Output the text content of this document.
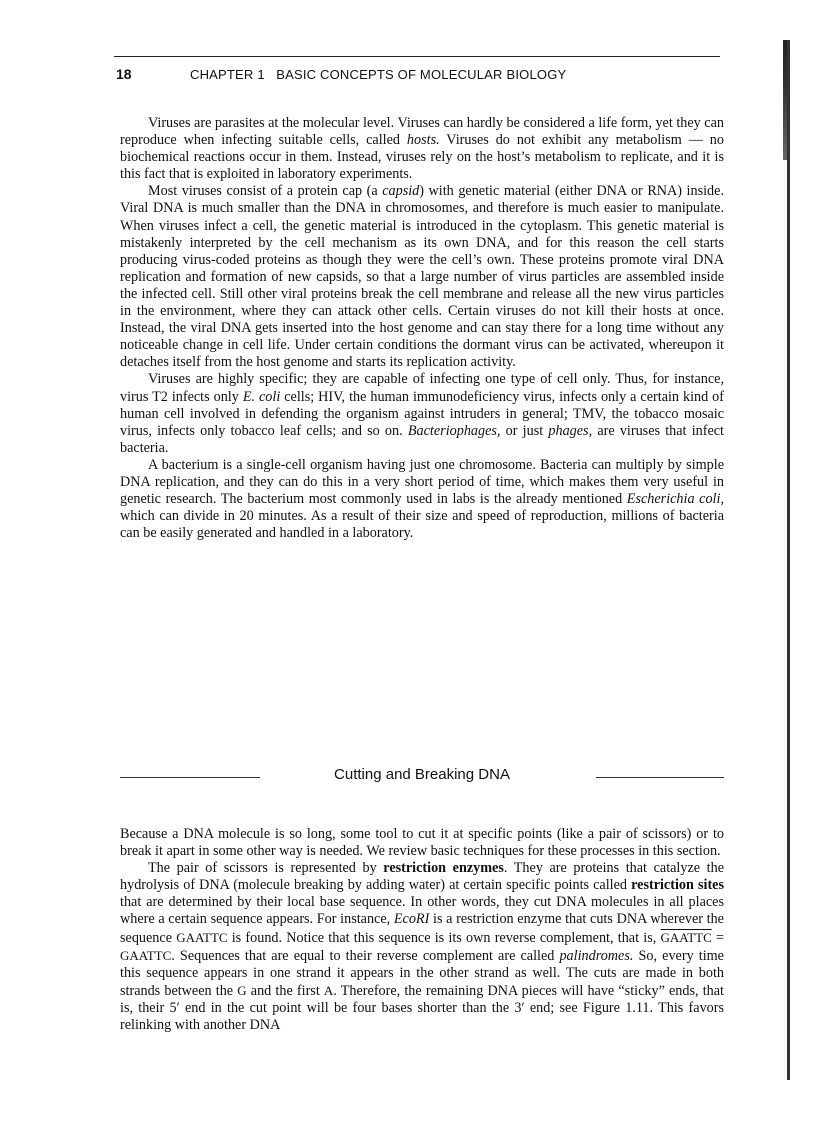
18	CHAPTER 1 BASIC CONCEPTS OF MOLECULAR BIOLOGY

Viruses are parasites at the molecular level. Viruses can hardly be considered a life form, yet they can reproduce when infecting suitable cells, called hosts. Viruses do not exhibit any metabolism — no biochemical reactions occur in them. Instead, viruses rely on the host’s metabolism to replicate, and it is this fact that is exploited in laboratory experiments.

Most viruses consist of a protein cap (a capsid) with genetic material (either DNA or RNA) inside. Viral DNA is much smaller than the DNA in chromosomes, and therefore is much easier to manipulate. When viruses infect a cell, the genetic material is introduced in the cytoplasm. This genetic material is mistakenly interpreted by the cell mechanism as its own DNA, and for this reason the cell starts producing virus-coded proteins as though they were the cell’s own. These proteins promote viral DNA replication and formation of new capsids, so that a large number of virus particles are assembled inside the infected cell. Still other viral proteins break the cell membrane and release all the new virus particles in the environment, where they can attack other cells. Certain viruses do not kill their hosts at once. Instead, the viral DNA gets inserted into the host genome and can stay there for a long time without any noticeable change in cell life. Under certain conditions the dormant virus can be activated, whereupon it detaches itself from the host genome and starts its replication activity.

Viruses are highly specific; they are capable of infecting one type of cell only. Thus, for instance, virus T2 infects only E. coli cells; HIV, the human immunodeficiency virus, infects only a certain kind of human cell involved in defending the organism against intruders in general; TMV, the tobacco mosaic virus, infects only tobacco leaf cells; and so on. Bacteriophages, or just phages, are viruses that infect bacteria.

A bacterium is a single-cell organism having just one chromosome. Bacteria can multiply by simple DNA replication, and they can do this in a very short period of time, which makes them very useful in genetic research. The bacterium most commonly used in labs is the already mentioned Escherichia coli, which can divide in 20 minutes. As a result of their size and speed of reproduction, millions of bacteria can be easily generated and handled in a laboratory.

Cutting and Breaking DNA

Because a DNA molecule is so long, some tool to cut it at specific points (like a pair of scissors) or to break it apart in some other way is needed. We review basic techniques for these processes in this section.

The pair of scissors is represented by restriction enzymes. They are proteins that catalyze the hydrolysis of DNA (molecule breaking by adding water) at certain specific points called restriction sites that are determined by their local base sequence. In other words, they cut DNA molecules in all places where a certain sequence appears. For instance, EcoRI is a restriction enzyme that cuts DNA wherever the sequence GAATTC is found. Notice that this sequence is its own reverse complement, that is, GAATTC = GAATTC. Sequences that are equal to their reverse complement are called palindromes. So, every time this sequence appears in one strand it appears in the other strand as well. The cuts are made in both strands between the G and the first A. Therefore, the remaining DNA pieces will have “sticky” ends, that is, their 5′ end in the cut point will be four bases shorter than the 3′ end; see Figure 1.11. This favors relinking with another DNA
